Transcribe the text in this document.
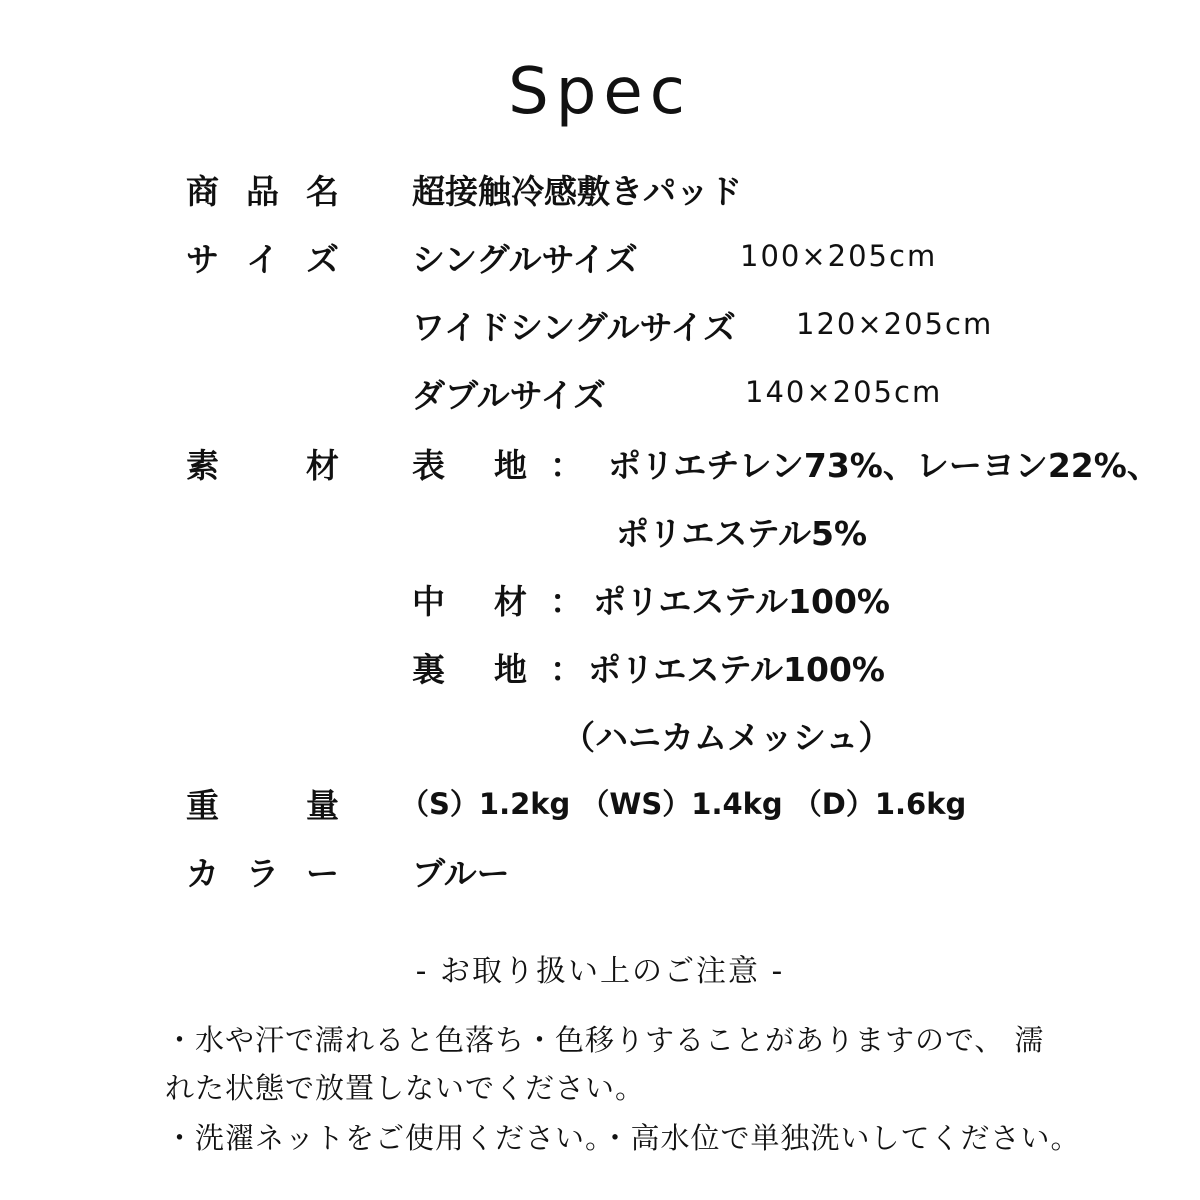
Spec
商 品 名 超接触冷感敷きパッド
サ イ ズ シングルサイズ	100×205cm
ワイドシングルサイズ 120×205cm
ダブルサイズ	140×205cm
素	材 表 地 ： ポリエチレン73%、レーヨン22%、
ポリエステル5%
中 材 ： ポリエステル100%
裏 地 ： ポリエステル100%
（ハニカムメッシュ）
重	量 （S）1.2kg （WS）1.4kg （D）1.6kg
カ ラ ー ブルー
- お取り扱い上のご注意 -
・水や汗で濡れると色落ち・色移りすることがありますので、 濡
れた状態で放置しないでください。
・洗濯ネットをご使用ください。・高水位で単独洗いしてください。
